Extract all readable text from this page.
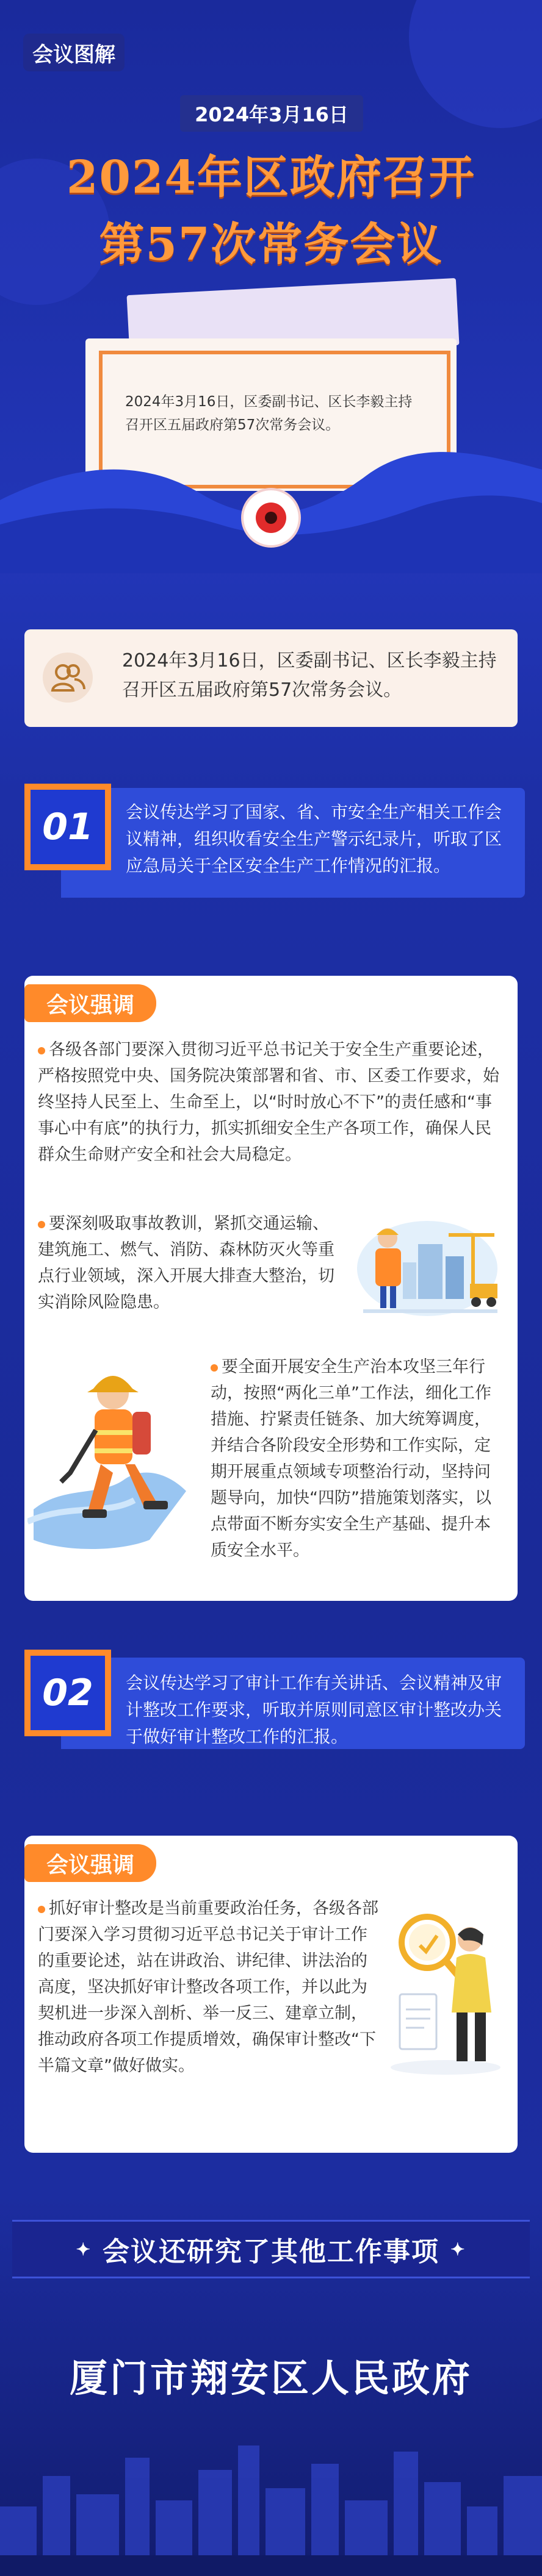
会议图解
2024年3月16日
2024年区政府召开
第57次常务会议
2024年3月16日，区委副书记、区长李毅主持召开区五届政府第57次常务会议。
2024年3月16日，区委副书记、区长李毅主持召开区五届政府第57次常务会议。
01	会议传达学习了国家、省、市安全生产相关工作会议精神，组织收看安全生产警示纪录片，听取了区应急局关于全区安全生产工作情况的汇报。
会议强调
各级各部门要深入贯彻习近平总书记关于安全生产重要论述，严格按照党中央、国务院决策部署和省、市、区委工作要求，始终坚持人民至上、生命至上，以“时时放心不下”的责任感和“事事心中有底”的执行力，抓实抓细安全生产各项工作，确保人民群众生命财产安全和社会大局稳定。
要深刻吸取事故教训，紧抓交通运输、建筑施工、燃气、消防、森林防灭火等重点行业领域，深入开展大排查大整治，切实消除风险隐患。
要全面开展安全生产治本攻坚三年行动，按照“两化三单”工作法，细化工作措施、拧紧责任链条、加大统筹调度，并结合各阶段安全形势和工作实际，定期开展重点领域专项整治行动，坚持问题导向，加快“四防”措施策划落实，以点带面不断夯实安全生产基础、提升本质安全水平。
02	会议传达学习了审计工作有关讲话、会议精神及审计整改工作要求，听取并原则同意区审计整改办关于做好审计整改工作的汇报。
会议强调
抓好审计整改是当前重要政治任务，各级各部门要深入学习贯彻习近平总书记关于审计工作的重要论述，站在讲政治、讲纪律、讲法治的高度，坚决抓好审计整改各项工作，并以此为契机进一步深入剖析、举一反三、建章立制，推动政府各项工作提质增效，确保审计整改“下半篇文章”做好做实。
✦ 会议还研究了其他工作事项 ✦
厦门市翔安区人民政府
